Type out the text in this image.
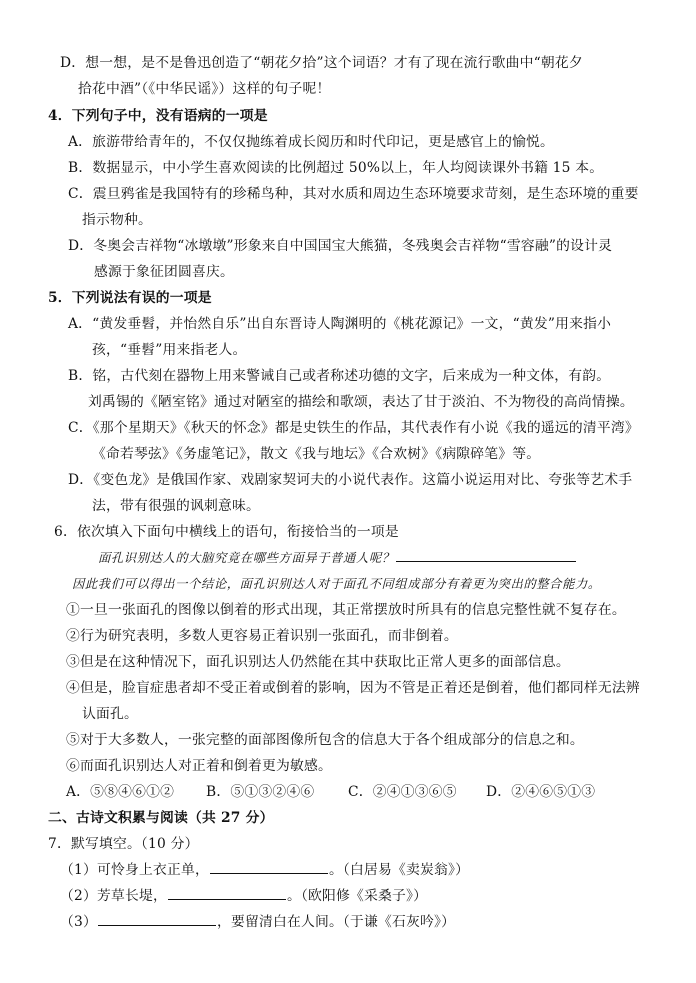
D．想一想，是不是鲁迅创造了“朝花夕拾”这个词语？才有了现在流行歌曲中“朝花夕
拾花中酒”（《中华民谣》）这样的句子呢！
4．下列句子中，没有语病的一项是
A．旅游带给青年的，不仅仅抛练着成长阅历和时代印记，更是感官上的愉悦。
B．数据显示，中小学生喜欢阅读的比例超过 50%以上，年人均阅读课外书籍 15 本。
C．震旦鸦雀是我国特有的珍稀鸟种，其对水质和周边生态环境要求苛刻，是生态环境的重要
指示物种。
D．冬奥会吉祥物“冰墩墩”形象来自中国国宝大熊猫，冬残奥会吉祥物“雪容融”的设计灵
感源于象征团圆喜庆。
5．下列说法有误的一项是
A．“黄发垂髫，并怡然自乐”出自东晋诗人陶渊明的《桃花源记》一文，“黄发”用来指小
孩，“垂髫”用来指老人。
B．铭，古代刻在器物上用来警诫自己或者称述功德的文字，后来成为一种文体，有韵。
刘禹锡的《陋室铭》通过对陋室的描绘和歌颂，表达了甘于淡泊、不为物役的高尚情操。
C．《那个星期天》《秋天的怀念》都是史铁生的作品，其代表作有小说《我的遥远的清平湾》
《命若琴弦》《务虚笔记》，散文《我与地坛》《合欢树》《病隙碎笔》等。
D．《变色龙》是俄国作家、戏剧家契诃夫的小说代表作。这篇小说运用对比、夸张等艺术手
法，带有很强的讽刺意味。
6．依次填入下面句中横线上的语句，衔接恰当的一项是
面孔识别达人的大脑究竟在哪些方面异于普通人呢？
因此我们可以得出一个结论，面孔识别达人对于面孔不同组成部分有着更为突出的整合能力。
①一旦一张面孔的图像以倒着的形式出现，其正常摆放时所具有的信息完整性就不复存在。
②行为研究表明，多数人更容易正着识别一张面孔，而非倒着。
③但是在这种情况下，面孔识别达人仍然能在其中获取比正常人更多的面部信息。
④但是，脸盲症患者却不受正着或倒着的影响，因为不管是正着还是倒着，他们都同样无法辨
认面孔。
⑤对于大多数人，一张完整的面部图像所包含的信息大于各个组成部分的信息之和。
⑥而面孔识别达人对正着和倒着更为敏感。
A．⑤⑧④⑥①② B．⑤①③②④⑥ C．②④①③⑥⑤ D．②④⑥⑤①③
二、古诗文积累与阅读（共 27 分）
7．默写填空。（10 分）
（1）可怜身上衣正单，	。（白居易《卖炭翁》）
（2）芳草长堤，	。（欧阳修《采桑子》）
（3）	，要留清白在人间。（于谦《石灰吟》）
